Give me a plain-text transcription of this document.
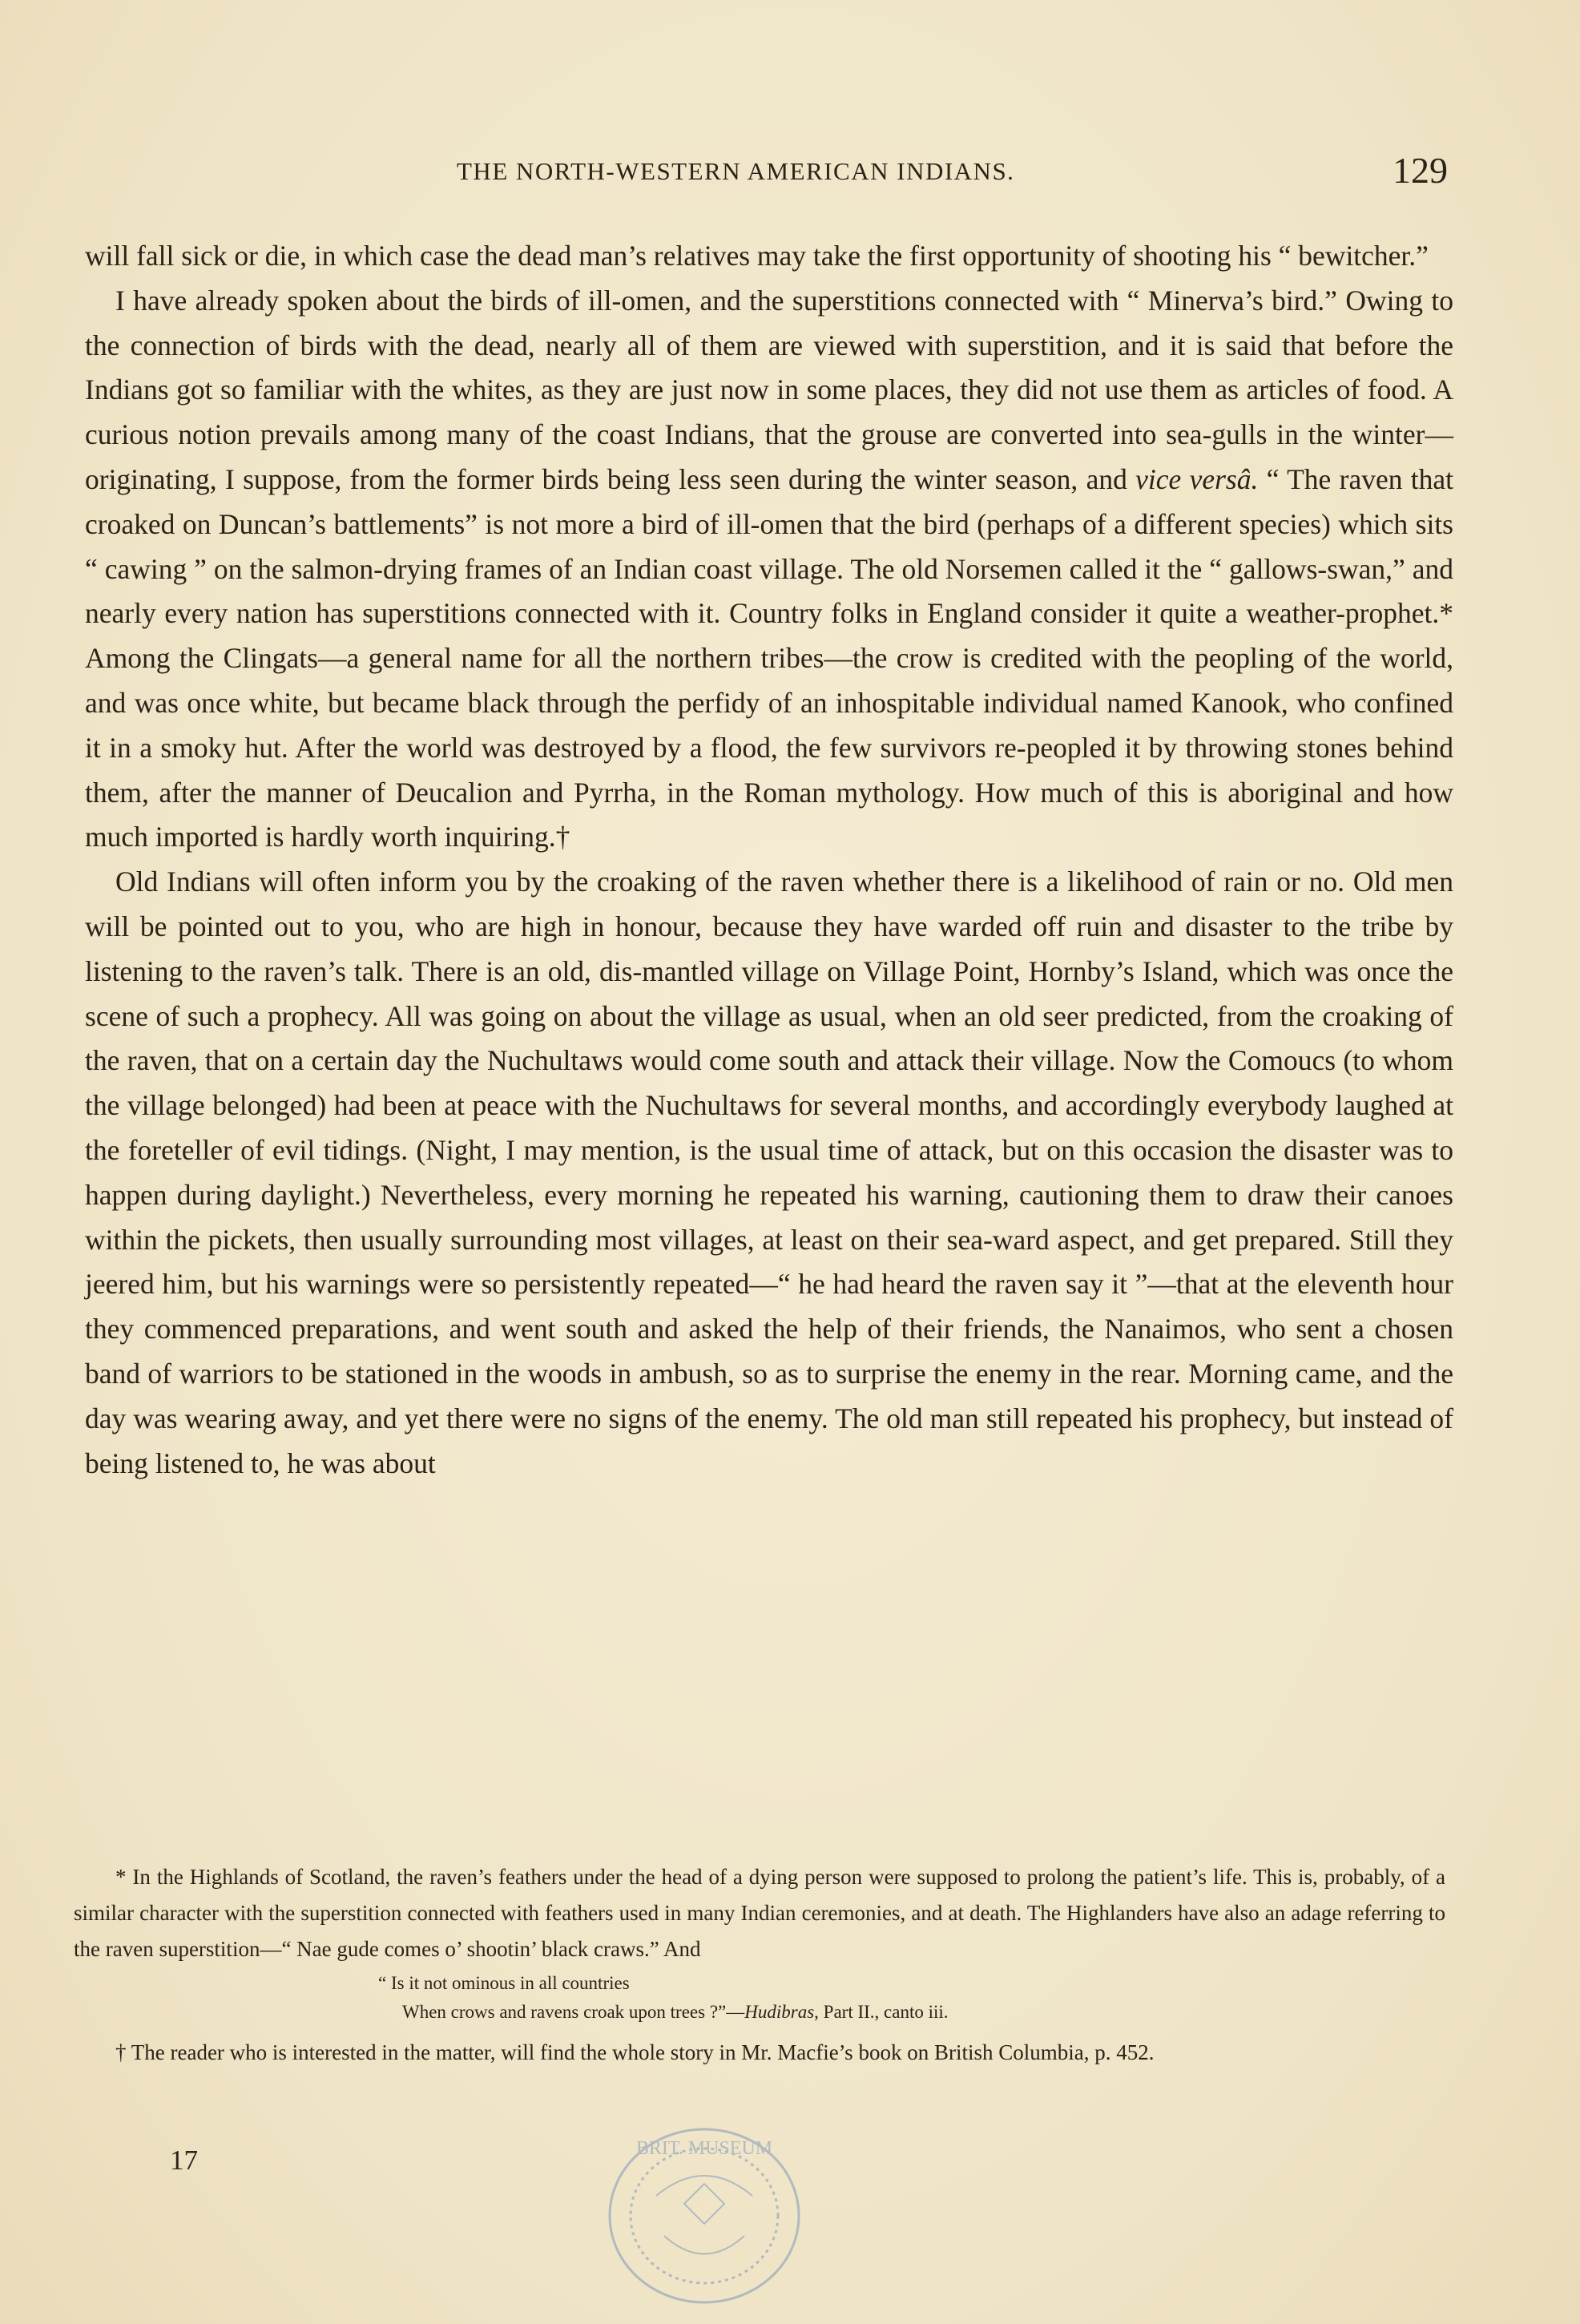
THE NORTH-WESTERN AMERICAN INDIANS.	129

will fall sick or die, in which case the dead man’s relatives may take the first opportunity of shooting his “ bewitcher.”

I have already spoken about the birds of ill-omen, and the superstitions connected with “ Minerva’s bird.” Owing to the connection of birds with the dead, nearly all of them are viewed with superstition, and it is said that before the Indians got so familiar with the whites, as they are just now in some places, they did not use them as articles of food. A curious notion prevails among many of the coast Indians, that the grouse are converted into sea-gulls in the winter—originating, I suppose, from the former birds being less seen during the winter season, and vice versâ. “ The raven that croaked on Duncan’s battlements” is not more a bird of ill-omen that the bird (perhaps of a different species) which sits “ cawing ” on the salmon-drying frames of an Indian coast village. The old Norsemen called it the “ gallows-swan,” and nearly every nation has superstitions connected with it. Country folks in England consider it quite a weather-prophet.* Among the Clingats—a general name for all the northern tribes—the crow is credited with the peopling of the world, and was once white, but became black through the perfidy of an inhospitable individual named Kanook, who confined it in a smoky hut. After the world was destroyed by a flood, the few survivors re-peopled it by throwing stones behind them, after the manner of Deucalion and Pyrrha, in the Roman mythology. How much of this is aboriginal and how much imported is hardly worth inquiring.†

Old Indians will often inform you by the croaking of the raven whether there is a likelihood of rain or no. Old men will be pointed out to you, who are high in honour, because they have warded off ruin and disaster to the tribe by listening to the raven’s talk. There is an old, dis-mantled village on Village Point, Hornby’s Island, which was once the scene of such a prophecy. All was going on about the village as usual, when an old seer predicted, from the croaking of the raven, that on a certain day the Nuchultaws would come south and attack their village. Now the Comoucs (to whom the village belonged) had been at peace with the Nuchultaws for several months, and accordingly everybody laughed at the foreteller of evil tidings. (Night, I may mention, is the usual time of attack, but on this occasion the disaster was to happen during daylight.) Nevertheless, every morning he repeated his warning, cautioning them to draw their canoes within the pickets, then usually surrounding most villages, at least on their sea-ward aspect, and get prepared. Still they jeered him, but his warnings were so persistently repeated—“ he had heard the raven say it ”—that at the eleventh hour they commenced preparations, and went south and asked the help of their friends, the Nanaimos, who sent a chosen band of warriors to be stationed in the woods in ambush, so as to surprise the enemy in the rear. Morning came, and the day was wearing away, and yet there were no signs of the enemy. The old man still repeated his prophecy, but instead of being listened to, he was about

* In the Highlands of Scotland, the raven’s feathers under the head of a dying person were supposed to prolong the patient’s life. This is, probably, of a similar character with the superstition connected with feathers used in many Indian ceremonies, and at death. The Highlanders have also an adage referring to the raven superstition—“ Nae gude comes o’ shootin’ black craws.” And

“ Is it not ominous in all countries
When crows and ravens croak upon trees ?”—Hudibras, Part II., canto iii.

† The reader who is interested in the matter, will find the whole story in Mr. Macfie’s book on British Columbia, p. 452.

17	BRIT. MUSEUM
